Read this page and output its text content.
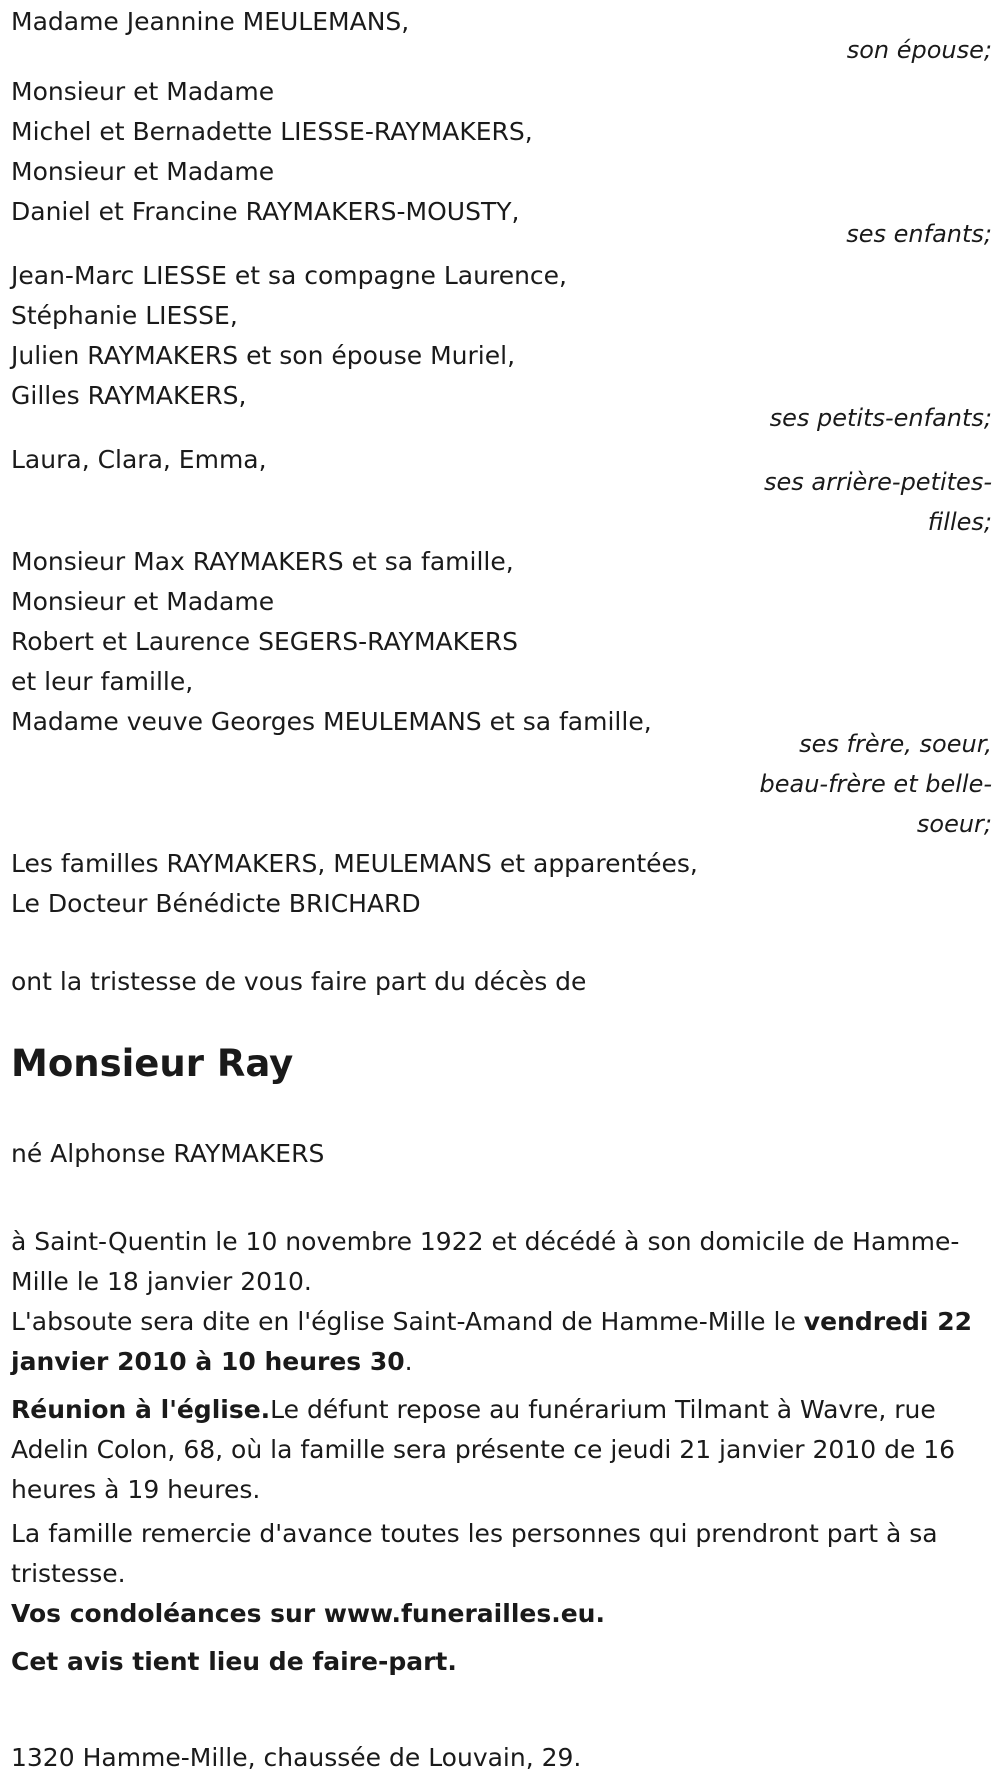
Madame Jeannine MEULEMANS,
son épouse;
Monsieur et Madame
Michel et Bernadette LIESSE-RAYMAKERS,
Monsieur et Madame
Daniel et Francine RAYMAKERS-MOUSTY,
ses enfants;
Jean-Marc LIESSE et sa compagne Laurence,
Stéphanie LIESSE,
Julien RAYMAKERS et son épouse Muriel,
Gilles RAYMAKERS,
ses petits-enfants;
Laura, Clara, Emma,
ses arrière-petites-
filles;
Monsieur Max RAYMAKERS et sa famille,
Monsieur et Madame
Robert et Laurence SEGERS-RAYMAKERS
et leur famille,
Madame veuve Georges MEULEMANS et sa famille,
ses frère, soeur,
beau-frère et belle-
soeur;
Les familles RAYMAKERS, MEULEMANS et apparentées,
Le Docteur Bénédicte BRICHARD
ont la tristesse de vous faire part du décès de
Monsieur Ray
né Alphonse RAYMAKERS
à Saint-Quentin le 10 novembre 1922 et décédé à son domicile de Hamme-Mille le 18 janvier 2010.
L'absoute sera dite en l'église Saint-Amand de Hamme-Mille le vendredi 22 janvier 2010 à 10 heures 30.
Réunion à l'église.Le défunt repose au funérarium Tilmant à Wavre, rue Adelin Colon, 68, où la famille sera présente ce jeudi 21 janvier 2010 de 16 heures à 19 heures.
La famille remercie d'avance toutes les personnes qui prendront part à sa tristesse.
Vos condoléances sur www.funerailles.eu.
Cet avis tient lieu de faire-part.
1320 Hamme-Mille, chaussée de Louvain, 29.
